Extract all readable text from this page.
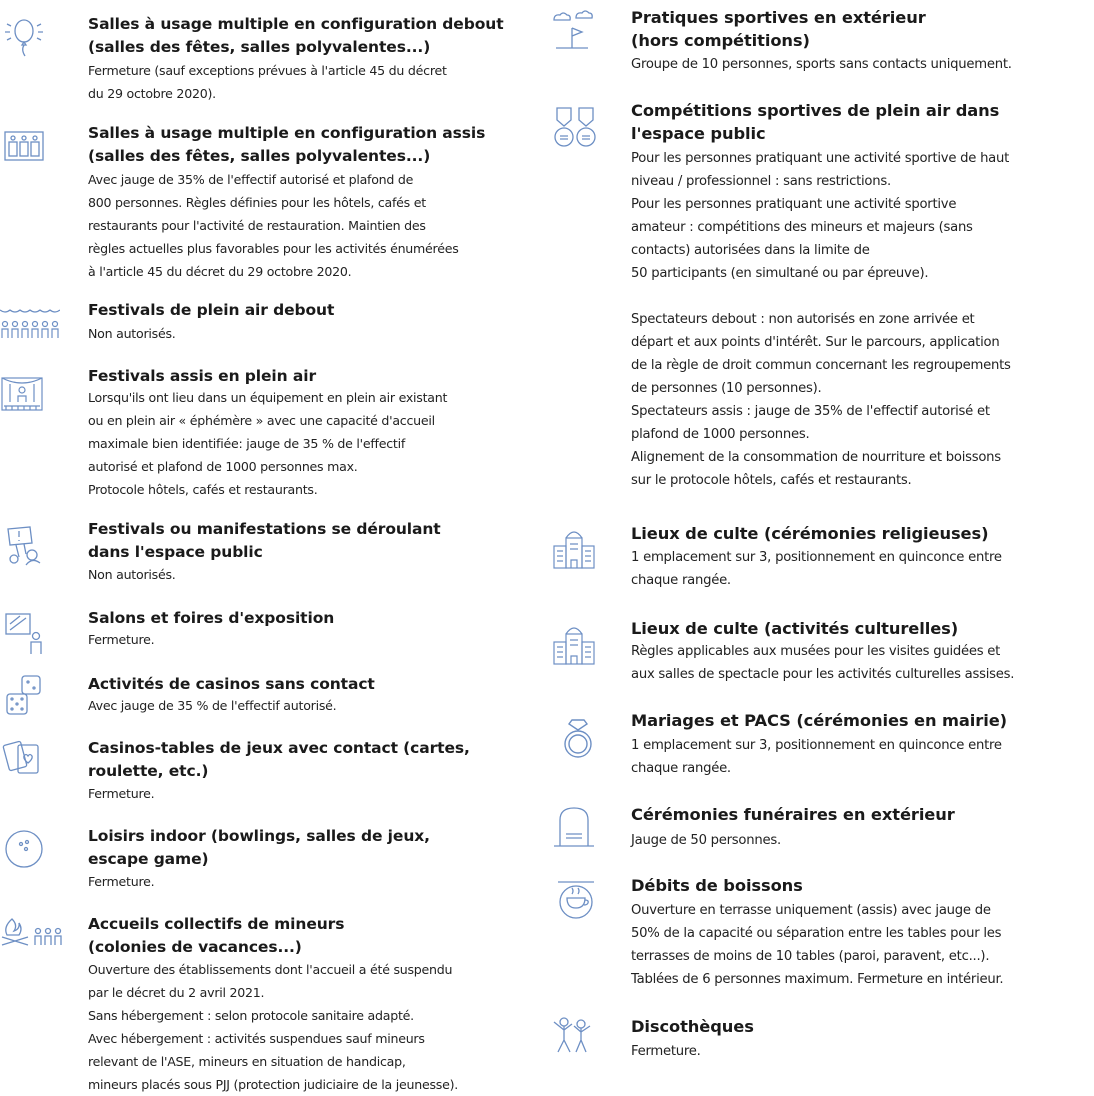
Salles à usage multiple en configuration debout
(salles des fêtes, salles polyvalentes...)
Fermeture (sauf exceptions prévues à l'article 45 du décret
du 29 octobre 2020).
Salles à usage multiple en configuration assis
(salles des fêtes, salles polyvalentes...)
Avec jauge de 35% de l'effectif autorisé et plafond de
800 personnes. Règles définies pour les hôtels, cafés et
restaurants pour l'activité de restauration. Maintien des
règles actuelles plus favorables pour les activités énumérées
à l'article 45 du décret du 29 octobre 2020.
Festivals de plein air debout
Non autorisés.
Festivals assis en plein air
Lorsqu'ils ont lieu dans un équipement en plein air existant
ou en plein air « éphémère » avec une capacité d'accueil
maximale bien identifiée: jauge de 35 % de l'effectif
autorisé et plafond de 1000 personnes max.
Protocole hôtels, cafés et restaurants.
Festivals ou manifestations se déroulant
dans l'espace public
Non autorisés.
Salons et foires d'exposition
Fermeture.
Activités de casinos sans contact
Avec jauge de 35 % de l'effectif autorisé.
Casinos-tables de jeux avec contact (cartes,
roulette, etc.)
Fermeture.
Loisirs indoor (bowlings, salles de jeux,
escape game)
Fermeture.
Accueils collectifs de mineurs
(colonies de vacances...)
Ouverture des établissements dont l'accueil a été suspendu
par le décret du 2 avril 2021.
Sans hébergement : selon protocole sanitaire adapté.
Avec hébergement : activités suspendues sauf mineurs
relevant de l'ASE, mineurs en situation de handicap,
mineurs placés sous PJJ (protection judiciaire de la jeunesse).
Pratiques sportives en extérieur
(hors compétitions)
Groupe de 10 personnes, sports sans contacts uniquement.
Compétitions sportives de plein air dans
l'espace public
Pour les personnes pratiquant une activité sportive de haut
niveau / professionnel : sans restrictions.
Pour les personnes pratiquant une activité sportive
amateur : compétitions des mineurs et majeurs (sans
contacts) autorisées dans la limite de
50 participants (en simultané ou par épreuve).

Spectateurs debout : non autorisés en zone arrivée et
départ et aux points d'intérêt. Sur le parcours, application
de la règle de droit commun concernant les regroupements
de personnes (10 personnes).
Spectateurs assis : jauge de 35% de l'effectif autorisé et
plafond de 1000 personnes.
Alignement de la consommation de nourriture et boissons
sur le protocole hôtels, cafés et restaurants.
Lieux de culte (cérémonies religieuses)
1 emplacement sur 3, positionnement en quinconce entre
chaque rangée.
Lieux de culte (activités culturelles)
Règles applicables aux musées pour les visites guidées et
aux salles de spectacle pour les activités culturelles assises.
Mariages et PACS (cérémonies en mairie)
1 emplacement sur 3, positionnement en quinconce entre
chaque rangée.
Cérémonies funéraires en extérieur
Jauge de 50 personnes.
Débits de boissons
Ouverture en terrasse uniquement (assis) avec jauge de
50% de la capacité ou séparation entre les tables pour les
terrasses de moins de 10 tables (paroi, paravent, etc...).
Tablées de 6 personnes maximum. Fermeture en intérieur.
Discothèques
Fermeture.
